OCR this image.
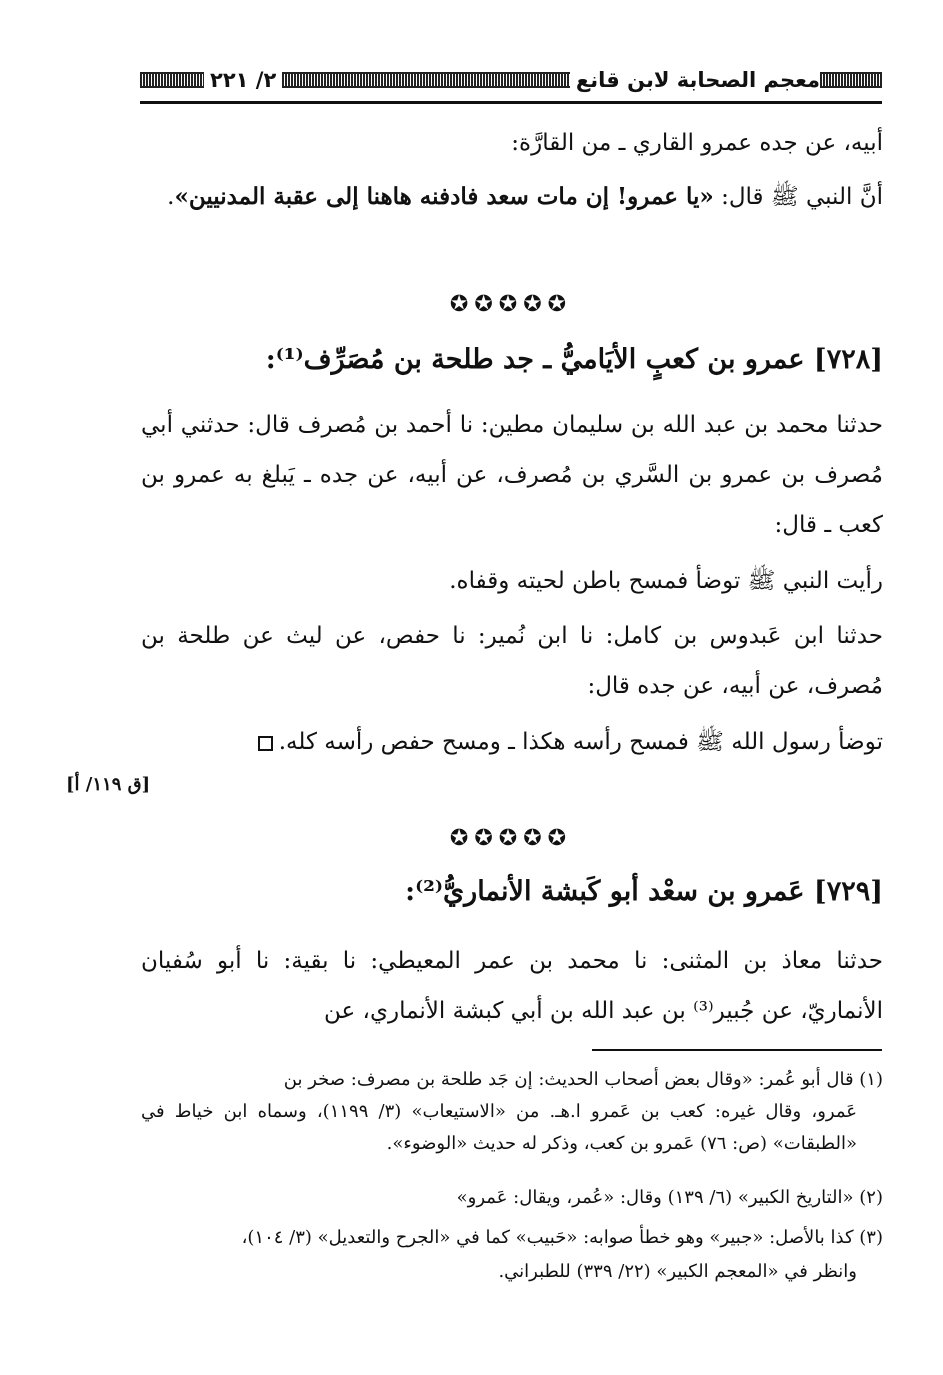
معجم الصحابة لابن قانع
٢/ ٢٢١

أبيه، عن جده عمرو القاري ـ من القارَّة:

أنَّ النبي ﷺ قال: «يا عمرو! إن مات سعد فادفنه هاهنا إلى عقبة المدنيين».

✪✪✪✪✪
[٧٢٨] عمرو بن كعبٍ الأيَاميُّ ـ جد طلحة بن مُصَرِّف⁽¹⁾:

حدثنا محمد بن عبد الله بن سليمان مطين: نا أحمد بن مُصرف قال: حدثني أبي مُصرف بن عمرو بن السَّري بن مُصرف، عن أبيه، عن جده ـ يَبلغ به عمرو بن كعب ـ قال:

رأيت النبي ﷺ توضأ فمسح باطن لحيته وقفاه.

حدثنا ابن عَبدوس بن كامل: نا ابن نُمير: نا حفص، عن ليث عن طلحة بن مُصرف، عن أبيه، عن جده قال:

توضأ رسول الله ﷺ فمسح رأسه هكذا ـ ومسح حفص رأسه كله.

[ق ١١٩/ أ]
✪✪✪✪✪
[٧٢٩] عَمرو بن سعْد أبو كَبشة الأنماريُّ⁽²⁾:

حدثنا معاذ بن المثنى: نا محمد بن عمر المعيطي: نا بقية: نا أبو سُفيان الأنماريّ، عن جُبير⁽³⁾ بن عبد الله بن أبي كبشة الأنماري، عن

(١) قال أبو عُمر: «وقال بعض أصحاب الحديث: إن جَد طلحة بن مصرف: صخر بن

عَمرو، وقال غيره: كعب بن عَمرو ا.هـ. من «الاستيعاب» (٣/ ١١٩٩)، وسماه ابن خياط في «الطبقات» (ص: ٧٦) عَمرو بن كعب، وذكر له حديث «الوضوء».

(٢) «التاريخ الكبير» (٦/ ١٣٩) وقال: «عُمر، ويقال: عَمرو»

(٣) كذا بالأصل: «جبير» وهو خطأ صوابه: «حَبيب» كما في «الجرح والتعديل» (٣/ ١٠٤)،

وانظر في «المعجم الكبير» (٢٢/ ٣٣٩) للطبراني.
